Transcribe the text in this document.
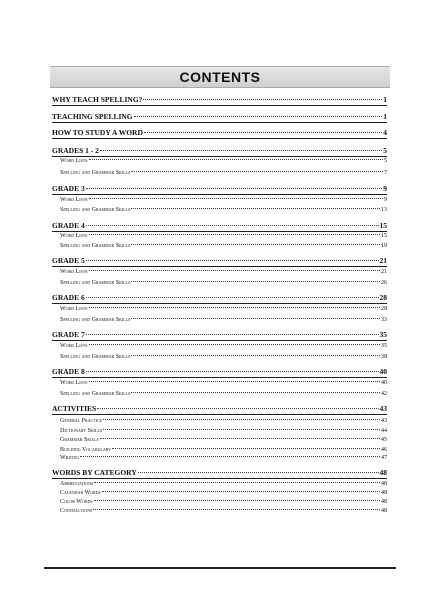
CONTENTS
WHY TEACH SPELLING?	1
TEACHING SPELLING	1
HOW TO STUDY A WORD	4
GRADES 1 - 2	5
Word Lists	5
Spelling and Grammar Skills	7
GRADE 3	9
Word Lists	9
Spelling and Grammar Skills	13
GRADE 4	15
Word Lists	15
Spelling and Grammar Skills	19
GRADE 5	21
Word Lists	21
Spelling and Grammar Skills	26
GRADE 6	28
Word Lists	28
Spelling and Grammar Skills	33
GRADE 7	35
Word Lists	35
Spelling and Grammar Skills	38
GRADE 8	40
Word Lists	40
Spelling and Grammar Skills	42
ACTIVITIES	43
General Practice	43
Dictionary Skills	44
Grammar Skills	45
Building Vocabulary	46
Writing	47
WORDS BY CATEGORY	48
Abbreviations	48
Calendar Words	48
Color Words	48
Contractions	48
